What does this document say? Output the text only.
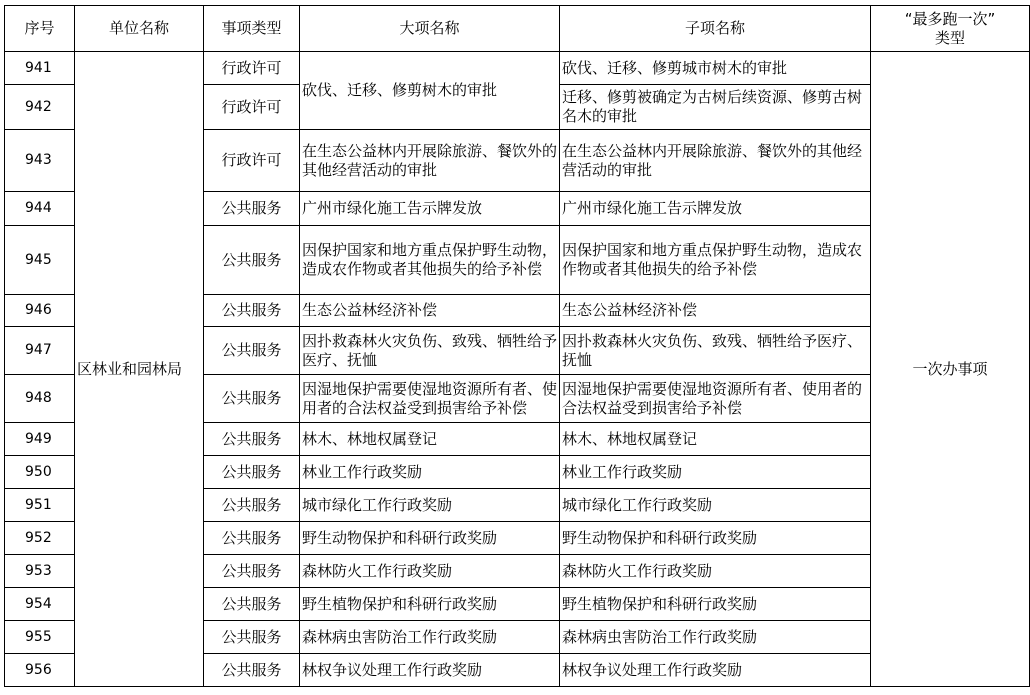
序号	单位名称	事项类型	大项名称	子项名称	“最多跑一次”
类型
941	区林业和园林局	行政许可	砍伐、迁移、修剪树木的审批	砍伐、迁移、修剪城市树木的审批	一次办事项
942		行政许可		迁移、修剪被确定为古树后续资源、修剪古树名木的审批	
943		行政许可	在生态公益林内开展除旅游、餐饮外的其他经营活动的审批	在生态公益林内开展除旅游、餐饮外的其他经营活动的审批	
944		公共服务	广州市绿化施工告示牌发放	广州市绿化施工告示牌发放	
945		公共服务	因保护国家和地方重点保护野生动物，造成农作物或者其他损失的给予补偿	因保护国家和地方重点保护野生动物，造成农作物或者其他损失的给予补偿	
946		公共服务	生态公益林经济补偿	生态公益林经济补偿	
947		公共服务	因扑救森林火灾负伤、致残、牺牲给予医疗、抚恤	因扑救森林火灾负伤、致残、牺牲给予医疗、抚恤	
948		公共服务	因湿地保护需要使湿地资源所有者、使用者的合法权益受到损害给予补偿	因湿地保护需要使湿地资源所有者、使用者的合法权益受到损害给予补偿	
949		公共服务	林木、林地权属登记	林木、林地权属登记	
950		公共服务	林业工作行政奖励	林业工作行政奖励	
951		公共服务	城市绿化工作行政奖励	城市绿化工作行政奖励	
952		公共服务	野生动物保护和科研行政奖励	野生动物保护和科研行政奖励	
953		公共服务	森林防火工作行政奖励	森林防火工作行政奖励	
954		公共服务	野生植物保护和科研行政奖励	野生植物保护和科研行政奖励	
955		公共服务	森林病虫害防治工作行政奖励	森林病虫害防治工作行政奖励	
956		公共服务	林权争议处理工作行政奖励	林权争议处理工作行政奖励	
